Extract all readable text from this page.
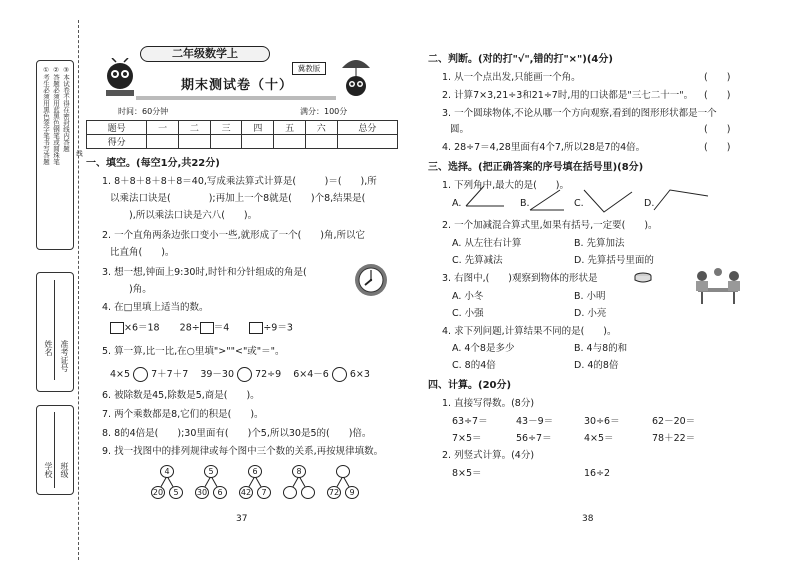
①考生必须用黑色签字笔书写答题 ②答题必须用蓝黑色钢笔或圆珠笔 ③本试卷不得在密封线内答题
线
姓名 准考证号
学校 班级
二年级数学上
冀教版
期末测试卷（十）
时间：60分钟	满分：100分
题号	一	二	三	四	五	六	总分
得分							
一、填空。(每空1分,共22分)
1. 8＋8＋8＋8＋8＝40,写成乘法算式计算是(　　　)＝(　　),所
以乘法口诀是(　　　　);再加上一个8就是(　　)个8,结果是(
　　),所以乘法口诀是六八(　　)。
2. 一个直角两条边张口变小一些,就形成了一个(　　)角,所以它
比直角(　　)。
3. 想一想,钟面上9:30时,时针和分针组成的角是(
　　)角。
4. 在□里填上适当的数。
×6＝18 28÷ ＝4	÷9＝3
5. 算一算,比一比,在○里填">""<"或"＝"。
4×5 7＋7＋7 39－30 72÷9 6×4－6 6×3
6. 被除数是45,除数是5,商是(　　)。
7. 两个乘数都是8,它们的积是(　　)。
8. 8的4倍是(　　);30里面有(　　)个5,所以30是5的(　　)倍。
9. 找一找图中的排列规律或每个图中三个数的关系,再按规律填数。
4
20	5
5
30	6
6
42	7
8
72	9
37
二、判断。(对的打"√",错的打"×")(4分)
1. 从一个点出发,只能画一个角。	(　　)
2. 计算7×3,21÷3和21÷7时,用的口诀都是"三七二十一"。 (　　)
3. 一个圆球物体,不论从哪一个方向观察,看到的图形形状都是一个
圆。	(　　)
4. 28÷7＝4,28里面有4个7,所以28是7的4倍。	(　　)
三、选择。(把正确答案的序号填在括号里)(8分)
1. 下列角中,最大的是(　　)。
A.	B.	C.	D.
2. 一个加减混合算式里,如果有括号,一定要(　　)。
A. 从左往右计算	B. 先算加法
C. 先算减法	D. 先算括号里面的
3. 右图中,(　　)观察到物体的形状是
A. 小冬	B. 小明
C. 小强	D. 小亮
4. 求下列问题,计算结果不同的是(　　)。
A. 4个8是多少	B. 4与8的和
C. 8的4倍	D. 4的8倍
四、计算。(20分)
1. 直接写得数。(8分)
63÷7＝	43－9＝	30÷6＝	62－20＝
7×5＝	56÷7＝	4×5＝	78＋22＝
2. 列竖式计算。(4分)
8×5＝	16÷2
38
